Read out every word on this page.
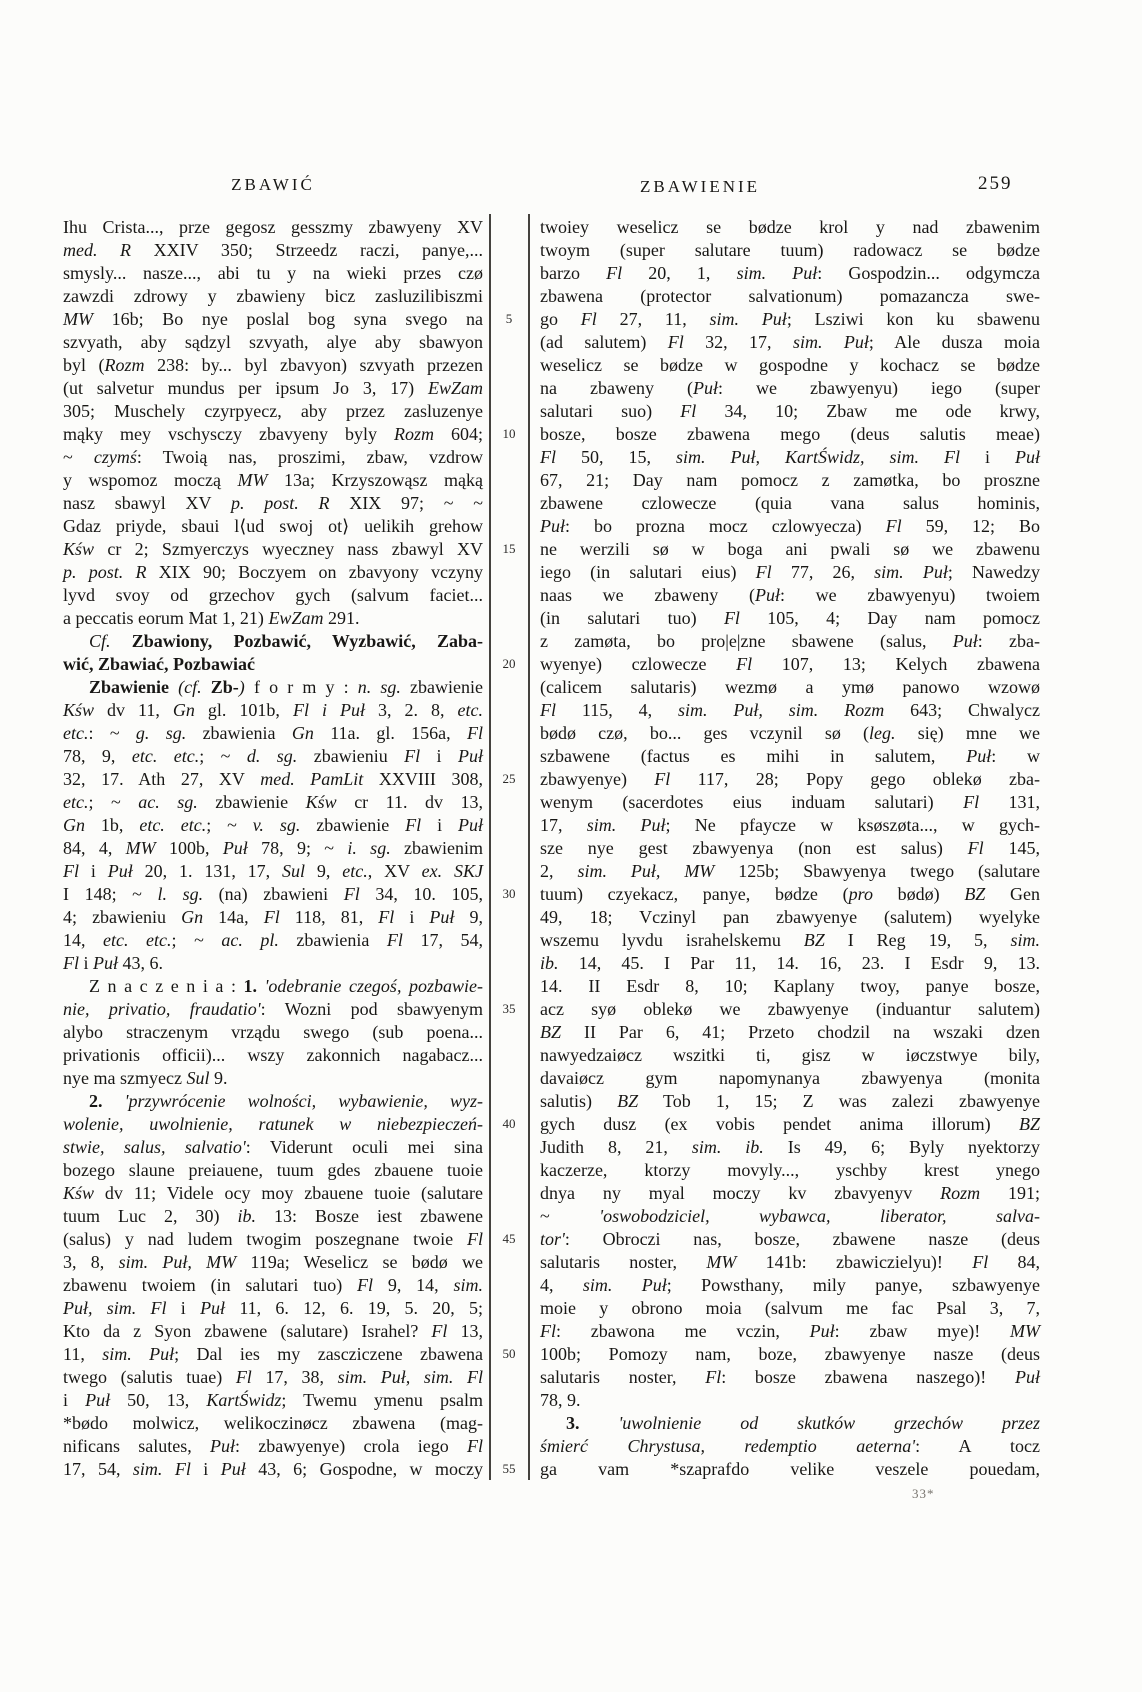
ZBAWIĆ	ZBAWIENIE	259
Ihu Crista..., prze gegosz gesszmy zbawyeny XV
med. R XXIV 350; Strzeedz raczi, panye,...
smysly... nasze..., abi tu y na wieki przes czø
zawzdi zdrowy y zbawieny bicz zasluzilibiszmi
MW 16b; Bo nye poslal bog syna svego na
szvyath, aby sądzyl szvyath, alye aby sbawyon
byl (Rozm 238: by... byl zbavyon) szvyath przezen
(ut salvetur mundus per ipsum Jo 3, 17) EwZam
305; Muschely czyrpyecz, aby przez zasluzenye
mąky mey vschysczy zbavyeny byly Rozm 604;
~ czymś: Twoią nas, proszimi, zbaw, vzdrow
y wspomoz moczą MW 13a; Krzyszowąsz mąką
nasz sbawyl XV p. post. R XIX 97; ~ ~
Gdaz priyde, sbaui l⟨ud swoj ot⟩ uelikih grehow
Kśw cr 2; Szmyerczys wyeczney nass zbawyl XV
p. post. R XIX 90; Boczyem on zbavyony vczyny
lyvd svoy od grzechov gych (salvum faciet...
a peccatis eorum Mat 1, 21) EwZam 291.
Cf. Zbawiony, Pozbawić, Wyzbawić, Zaba-
wić, Zbawiać, Pozbawiać
Zbawienie (cf. Zb-) f o r m y : n. sg. zbawienie
Kśw dv 11, Gn gl. 101b, Fl i Puł 3, 2. 8, etc.
etc.: ~ g. sg. zbawienia Gn 11a. gl. 156a, Fl
78, 9, etc. etc.; ~ d. sg. zbawieniu Fl i Puł
32, 17. Ath 27, XV med. PamLit XXVIII 308,
etc.; ~ ac. sg. zbawienie Kśw cr 11. dv 13,
Gn 1b, etc. etc.; ~ v. sg. zbawienie Fl i Puł
84, 4, MW 100b, Puł 78, 9; ~ i. sg. zbawienim
Fl i Puł 20, 1. 131, 17, Sul 9, etc., XV ex. SKJ
I 148; ~ l. sg. (na) zbawieni Fl 34, 10. 105,
4; zbawieniu Gn 14a, Fl 118, 81, Fl i Puł 9,
14, etc. etc.; ~ ac. pl. zbawienia Fl 17, 54,
Fl i Puł 43, 6.
Z n a c z e n i a : 1. 'odebranie czegoś, pozbawie-
nie, privatio, fraudatio': Wozni pod sbawyenym
alybo straczenym vrządu swego (sub poena...
privationis officii)... wszy zakonnich nagabacz...
nye ma szmyecz Sul 9.
2. 'przywrócenie wolności, wybawienie, wyz-
wolenie, uwolnienie, ratunek w niebezpieczeń-
stwie, salus, salvatio': Viderunt oculi mei sina
bozego slaune preiauene, tuum gdes zbauene tuoie
Kśw dv 11; Videle ocy moy zbauene tuoie (salutare
tuum Luc 2, 30) ib. 13: Bosze iest zbawene
(salus) y nad ludem twogim poszegnane twoie Fl
3, 8, sim. Puł, MW 119a; Weselicz se bødø we
zbawenu twoiem (in salutari tuo) Fl 9, 14, sim.
Puł, sim. Fl i Puł 11, 6. 12, 6. 19, 5. 20, 5;
Kto da z Syon zbawene (salutare) Israhel? Fl 13,
11, sim. Puł; Dal ies my zascziczene zbawena
twego (salutis tuae) Fl 17, 38, sim. Puł, sim. Fl
i Puł 50, 13, KartŚwidz; Twemu ymenu psalm
*bødo molwicz, welikoczinøcz zbawena (mag-
nificans salutes, Puł: zbawyenye) crola iego Fl
17, 54, sim. Fl i Puł 43, 6; Gospodne, w moczy
5
10
15
20
25
30
35
40
45
50
55
twoiey weselicz se bødze krol y nad zbawenim
twoym (super salutare tuum) radowacz se bødze
barzo Fl 20, 1, sim. Puł: Gospodzin... odgymcza
zbawena (protector salvationum) pomazancza swe-
go Fl 27, 11, sim. Puł; Lsziwi kon ku sbawenu
(ad salutem) Fl 32, 17, sim. Puł; Ale dusza moia
weselicz se bødze w gospodne y kochacz se bødze
na zbaweny (Puł: we zbawyenyu) iego (super
salutari suo) Fl 34, 10; Zbaw me ode krwy,
bosze, bosze zbawena mego (deus salutis meae)
Fl 50, 15, sim. Puł, KartŚwidz, sim. Fl i Puł
67, 21; Day nam pomocz z zamøtka, bo proszne
zbawene czlowecze (quia vana salus hominis,
Puł: bo prozna mocz czlowyecza) Fl 59, 12; Bo
ne werzili sø w boga ani pwali sø we zbawenu
iego (in salutari eius) Fl 77, 26, sim. Puł; Nawedzy
naas we zbaweny (Puł: we zbawyenyu) twoiem
(in salutari tuo) Fl 105, 4; Day nam pomocz
z zamøta, bo pro|e|zne sbawene (salus, Puł: zba-
wyenye) czlowecze Fl 107, 13; Kelych zbawena
(calicem salutaris) wezmø a ymø panowo wzowø
Fl 115, 4, sim. Puł, sim. Rozm 643; Chwalycz
bødø czø, bo... ges vczynil sø (leg. się) mne we
szbawene (factus es mihi in salutem, Puł: w
zbawyenye) Fl 117, 28; Popy gego oblekø zba-
wenym (sacerdotes eius induam salutari) Fl 131,
17, sim. Puł; Ne pfaycze w ksøszøta..., w gych-
sze nye gest zbawyenya (non est salus) Fl 145,
2, sim. Puł, MW 125b; Sbawyenya twego (salutare
tuum) czyekacz, panye, bødze (pro bødø) BZ Gen
49, 18; Vczinyl pan zbawyenye (salutem) wyelyke
wszemu lyvdu israhelskemu BZ I Reg 19, 5, sim.
ib. 14, 45. I Par 11, 14. 16, 23. I Esdr 9, 13.
14. II Esdr 8, 10; Kaplany twoy, panye bosze,
acz syø oblekø we zbawyenye (induantur salutem)
BZ II Par 6, 41; Przeto chodzil na wszaki dzen
nawyedzaiøcz wszitki ti, gisz w iøczstwye bily,
davaiøcz gym napomynanya zbawyenya (monita
salutis) BZ Tob 1, 15; Z was zalezi zbawyenye
gych dusz (ex vobis pendet anima illorum) BZ
Judith 8, 21, sim. ib. Is 49, 6; Byly nyektorzy
kaczerze, ktorzy movyly..., yschby krest ynego
dnya ny myal moczy kv zbavyenyv Rozm 191;
~ 'oswobodziciel, wybawca, liberator, salva-
tor': Obroczi nas, bosze, zbawene nasze (deus
salutaris noster, MW 141b: zbawiczielyu)! Fl 84,
4, sim. Puł; Powsthany, mily panye, szbawyenye
moie y obrono moia (salvum me fac Psal 3, 7,
Fl: zbawona me vczin, Puł: zbaw mye)! MW
100b; Pomozy nam, boze, zbawyenye nasze (deus
salutaris noster, Fl: bosze zbawena naszego)! Puł
78, 9.
3. 'uwolnienie od skutków grzechów przez
śmierć Chrystusa, redemptio aeterna': A tocz
ga vam *szaprafdo velike veszele pouedam,
33*
